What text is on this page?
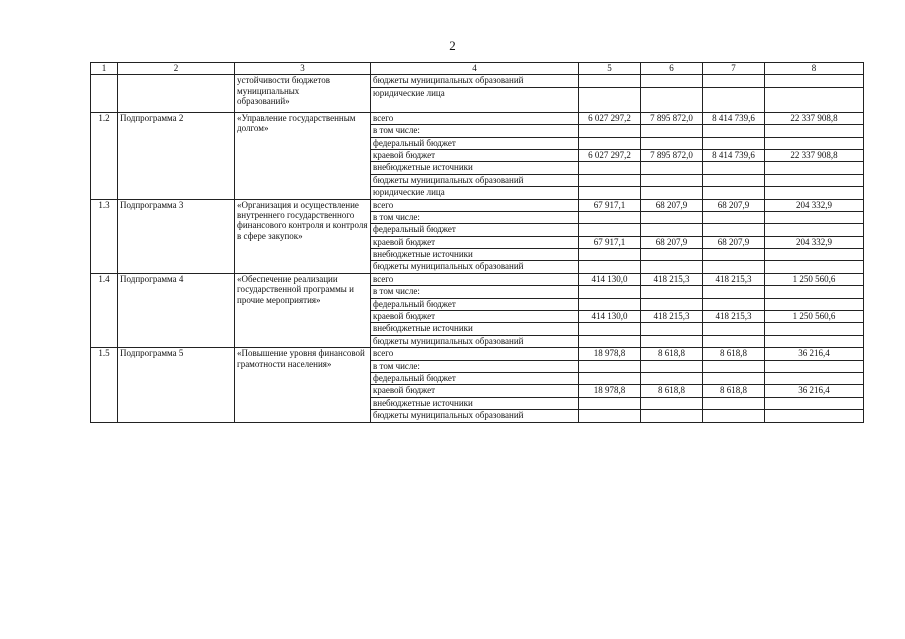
2
1	2	3	4	5	6	7	8

		устойчивости бюджетов
муниципальных
образований»	бюджеты муниципальных образований				
			юридические лица				
1.2	Подпрограмма 2	«Управление государственным долгом»	всего	6 027 297,2	7 895 872,0	8 414 739,6	22 337 908,8
			в том числе:				
			федеральный бюджет				
			краевой бюджет	6 027 297,2	7 895 872,0	8 414 739,6	22 337 908,8
			внебюджетные источники				
			бюджеты муниципальных образований				
			юридические лица				
1.3	Подпрограмма 3	«Организация и осуществление внутреннего государственного финансового контроля и контроля в сфере закупок»	всего	67 917,1	68 207,9	68 207,9	204 332,9
			в том числе:				
			федеральный бюджет				
			краевой бюджет	67 917,1	68 207,9	68 207,9	204 332,9
			внебюджетные источники				
			бюджеты муниципальных образований				
1.4	Подпрограмма 4	«Обеспечение реализации государственной программы и прочие мероприятия»	всего	414 130,0	418 215,3	418 215,3	1 250 560,6
			в том числе:				
			федеральный бюджет				
			краевой бюджет	414 130,0	418 215,3	418 215,3	1 250 560,6
			внебюджетные источники				
			бюджеты муниципальных образований				
1.5	Подпрограмма 5	«Повышение уровня финансовой грамотности населения»	всего	18 978,8	8 618,8	8 618,8	36 216,4
			в том числе:				
			федеральный бюджет				
			краевой бюджет	18 978,8	8 618,8	8 618,8	36 216,4
			внебюджетные источники				
			бюджеты муниципальных образований				
